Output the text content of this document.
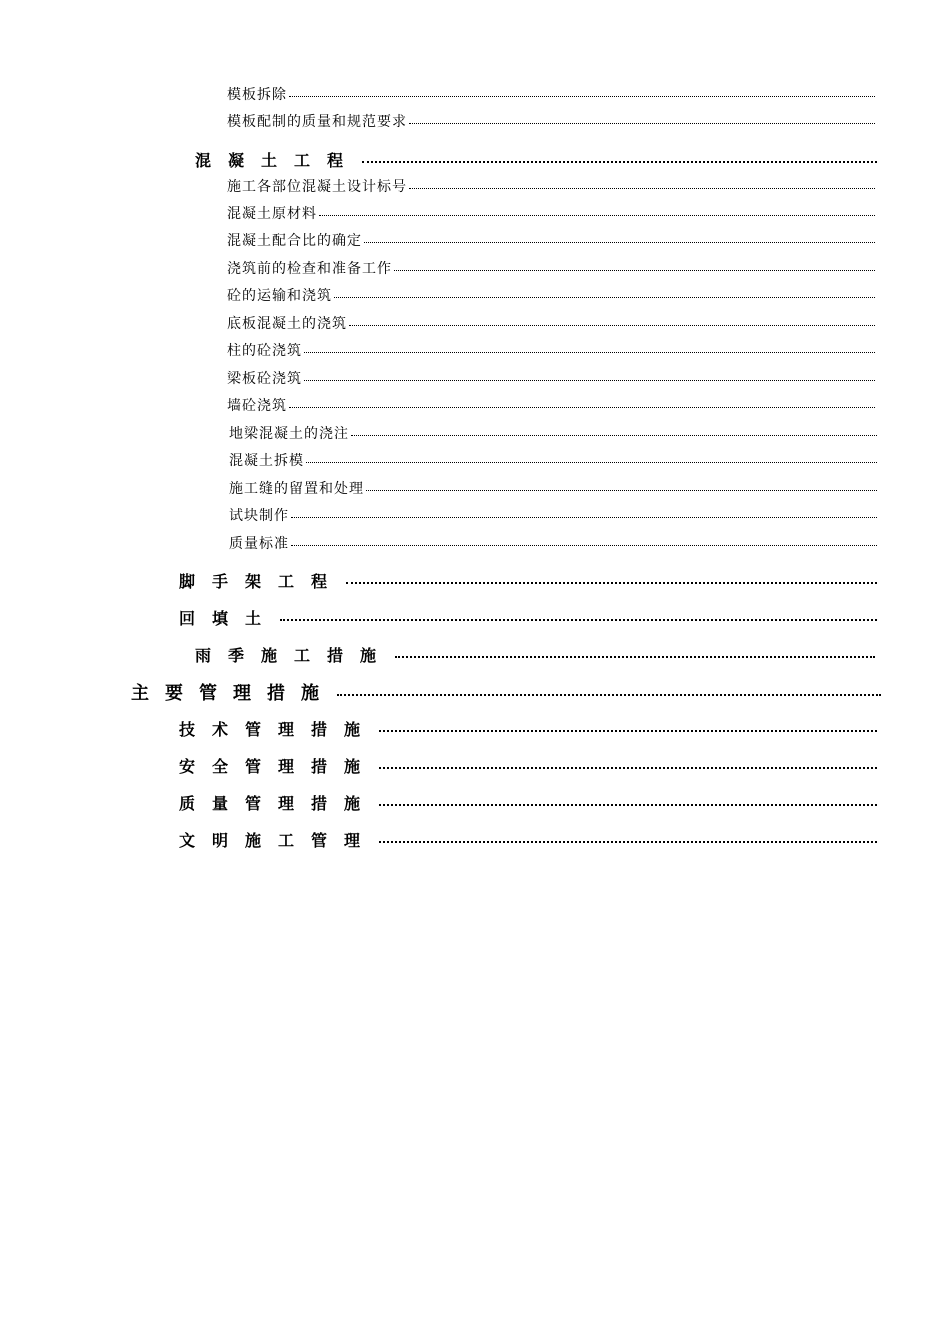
模板拆除
模板配制的质量和规范要求
混凝土工程
施工各部位混凝土设计标号
混凝土原材料
混凝土配合比的确定
浇筑前的检查和准备工作
砼的运输和浇筑
底板混凝土的浇筑
柱的砼浇筑
梁板砼浇筑
墙砼浇筑
地梁混凝土的浇注
混凝土拆模
施工缝的留置和处理
试块制作
质量标准
脚手架工程
回填土
雨季施工措施
主要管理措施
技术管理措施
安全管理措施
质量管理措施
文明施工管理
